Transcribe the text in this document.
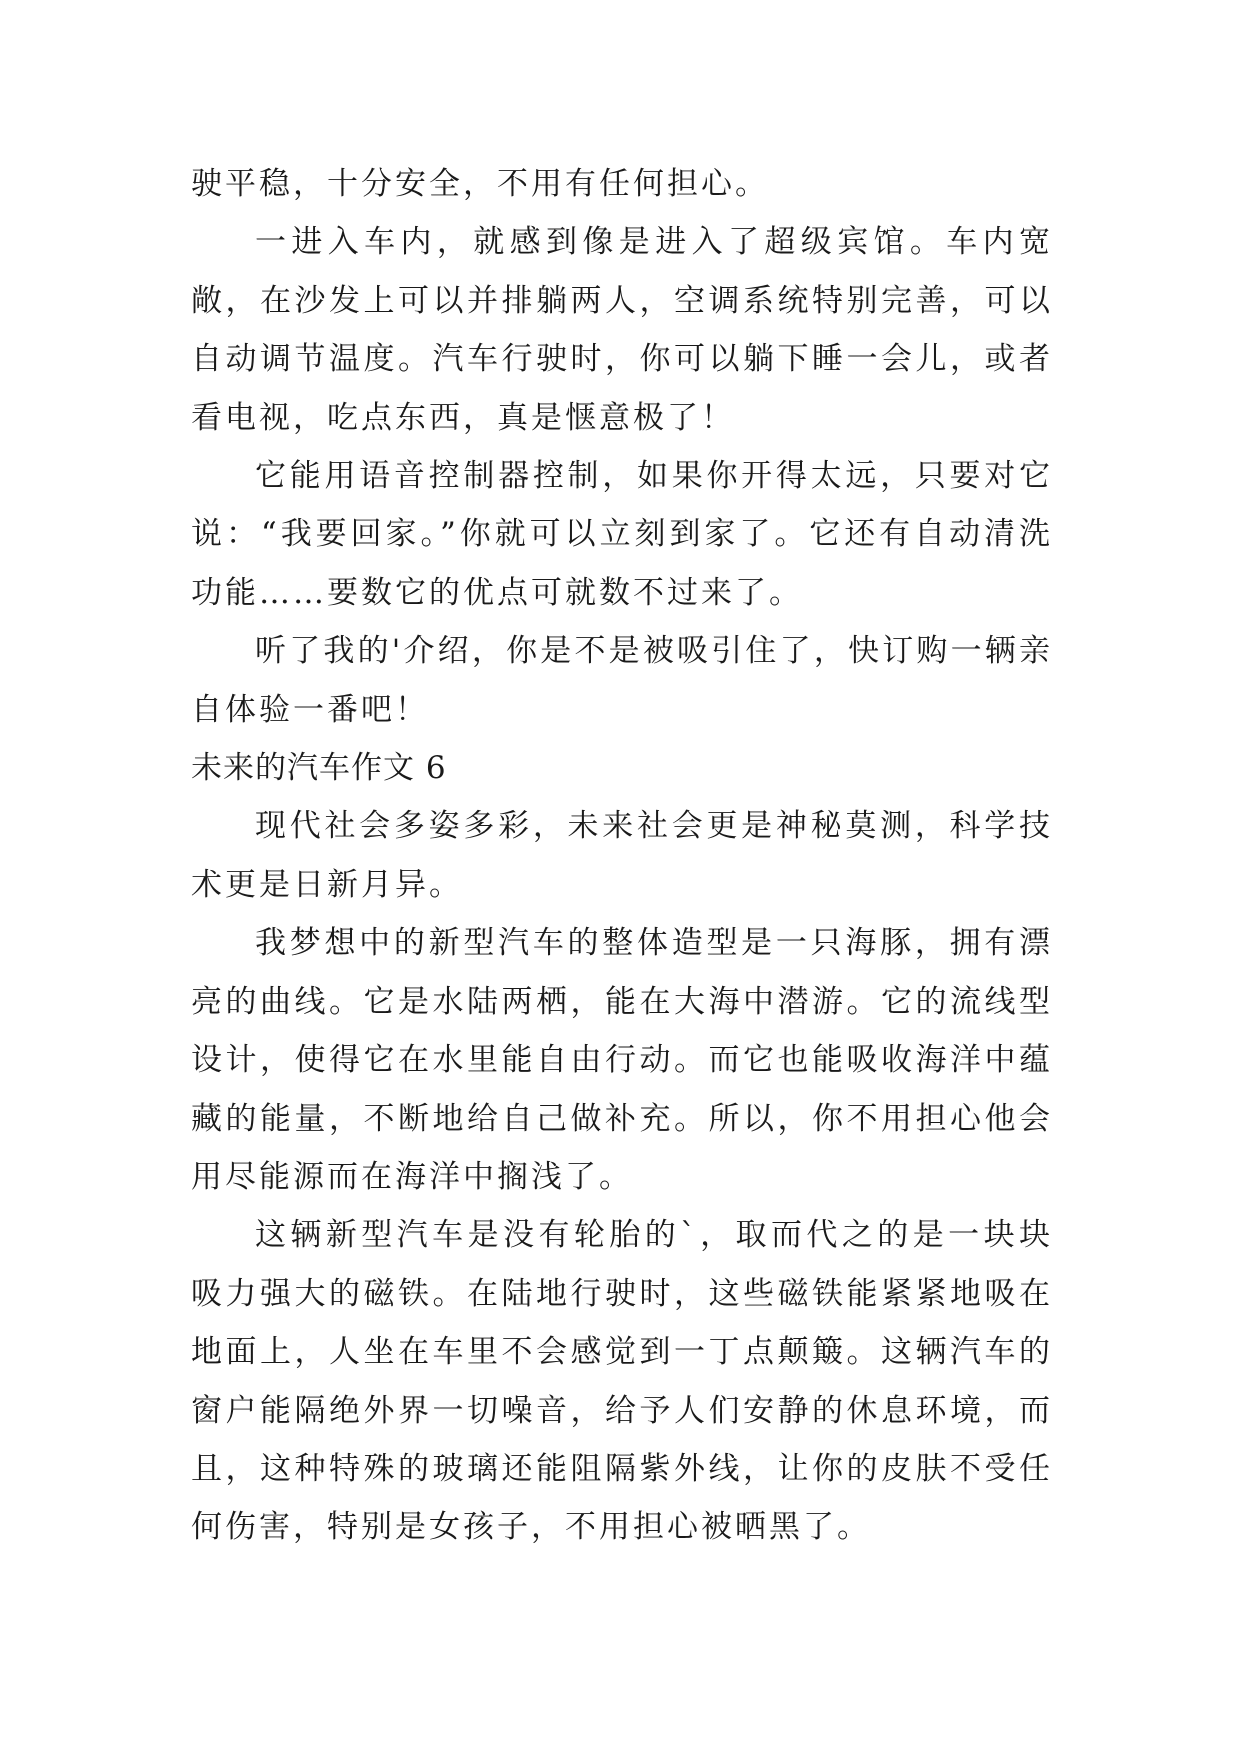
驶平稳，十分安全，不用有任何担心。

一进入车内，就感到像是进入了超级宾馆。车内宽敞，在沙发上可以并排躺两人，空调系统特别完善，可以自动调节温度。汽车行驶时，你可以躺下睡一会儿，或者看电视，吃点东西，真是惬意极了！

它能用语音控制器控制，如果你开得太远，只要对它说：“我要回家。”你就可以立刻到家了。它还有自动清洗功能……要数它的优点可就数不过来了。

听了我的'介绍，你是不是被吸引住了，快订购一辆亲自体验一番吧！

未来的汽车作文 6

现代社会多姿多彩，未来社会更是神秘莫测，科学技术更是日新月异。

我梦想中的新型汽车的整体造型是一只海豚，拥有漂亮的曲线。它是水陆两栖，能在大海中潜游。它的流线型设计，使得它在水里能自由行动。而它也能吸收海洋中蕴藏的能量，不断地给自己做补充。所以，你不用担心他会用尽能源而在海洋中搁浅了。

这辆新型汽车是没有轮胎的`，取而代之的是一块块吸力强大的磁铁。在陆地行驶时，这些磁铁能紧紧地吸在地面上，人坐在车里不会感觉到一丁点颠簸。这辆汽车的窗户能隔绝外界一切噪音，给予人们安静的休息环境，而且，这种特殊的玻璃还能阻隔紫外线，让你的皮肤不受任何伤害，特别是女孩子，不用担心被晒黑了。
